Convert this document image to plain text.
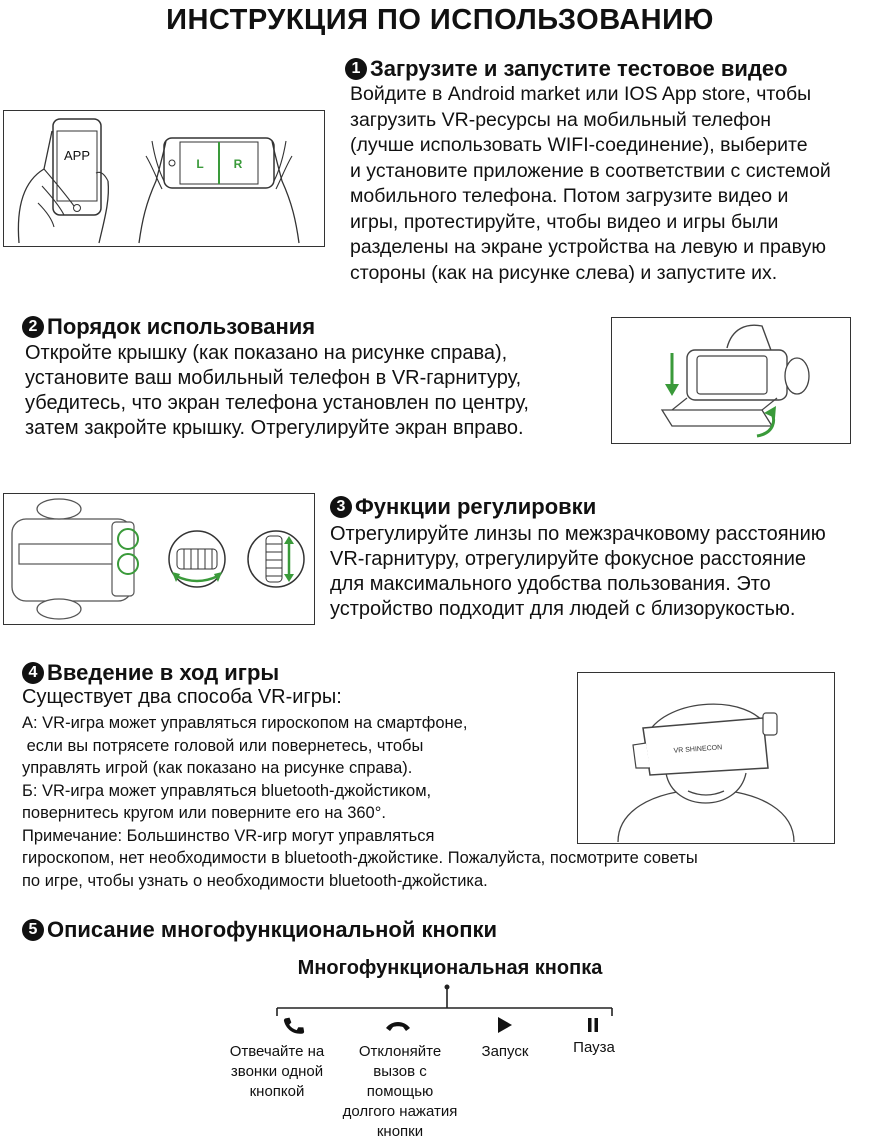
ИНСТРУКЦИЯ ПО ИСПОЛЬЗОВАНИЮ
1 Загрузите и запустите тестовое видео
Войдите в Android market или IOS App store, чтобы
загрузить VR-ресурсы на мобильный телефон
(лучше использовать WIFI-соединение), выберите
и установите приложение в соответствии с системой
мобильного телефона. Потом загрузите видео и
игры, протестируйте, чтобы видео и игры были
разделены на экране устройства на левую и правую
стороны (как на рисунке слева) и запустите их.
APP
L R
2 Порядок использования
Откройте крышку (как показано на рисунке справа),
установите ваш мобильный телефон в VR-гарнитуру,
убедитесь, что экран телефона установлен по центру,
затем закройте крышку. Отрегулируйте экран вправо.
3 Функции регулировки
Отрегулируйте линзы по межзрачковому расстоянию
VR-гарнитуру, отрегулируйте фокусное расстояние
для максимального удобства пользования. Это
устройство подходит для людей с близорукостью.
4 Введение в ход игры
Существует два способа VR-игры:
А: VR-игра может управляться гироскопом на смартфоне,
если вы потрясете головой или повернетесь, чтобы
управлять игрой (как показано на рисунке справа).
Б: VR-игра может управляться bluetooth-джойстиком,
повернитесь кругом или поверните его на 360°.
Примечание: Большинство VR-игр могут управляться
гироскопом, нет необходимости в bluetooth-джойстике. Пожалуйста, посмотрите советы
по игре, чтобы узнать о необходимости bluetooth-джойстика.
VR SHINECON
5 Описание многофункциональной кнопки
Многофункциональная кнопка
Отвечайте на
звонки одной
кнопкой
Отклоняйте
вызов с
помощью
долгого нажатия
кнопки
Запуск	Пауза
